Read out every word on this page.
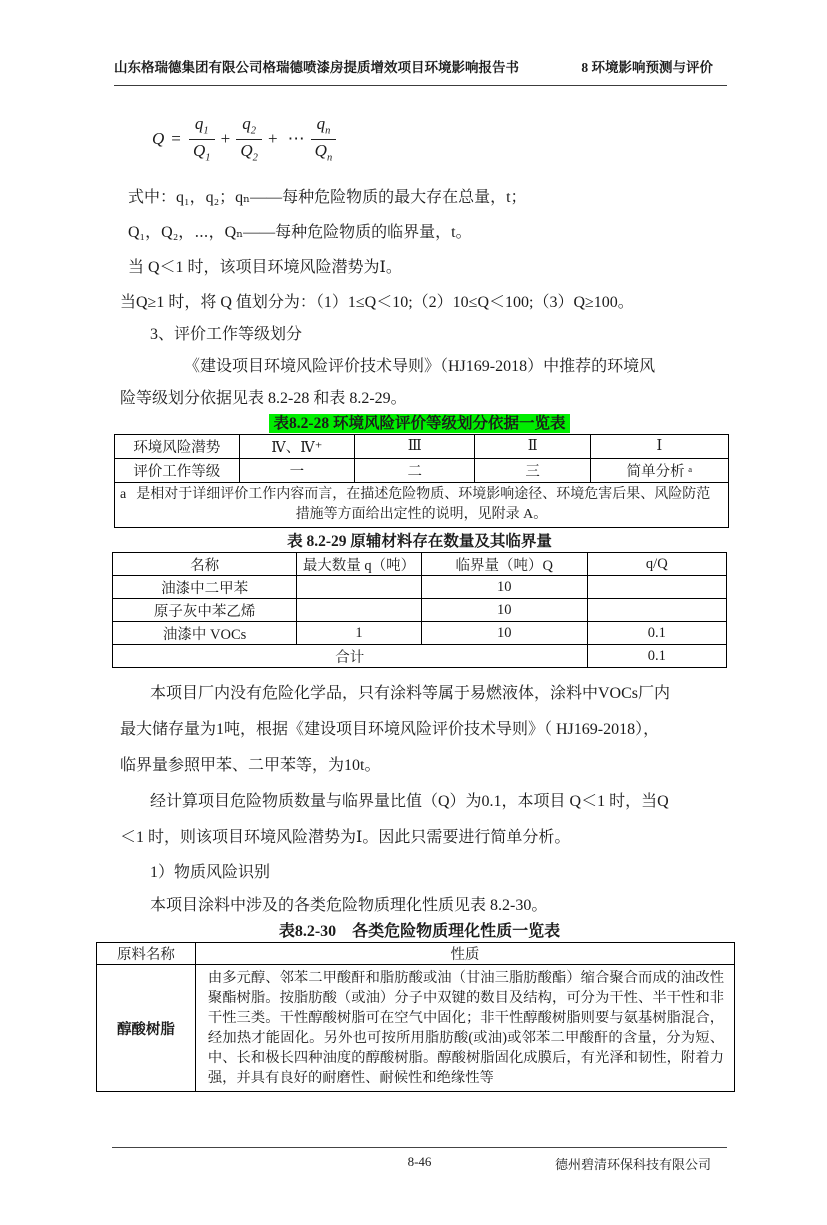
山东格瑞德集团有限公司格瑞德喷漆房提质增效项目环境影响报告书	8 环境影响预测与评价
$Q = \frac{q_1}{Q_1} + \frac{q_2}{Q_2}$ + ⋯ $\frac{q_n}{Q_n}$
式中：q₁，q₂；qₙ——每种危险物质的最大存在总量，t；
Q₁，Q₂，⋯，Qₙ——每种危险物质的临界量，t。
当 Q＜1 时，该项目环境风险潜势为Ⅰ。
当Q≥1 时，将 Q 值划分为：（1）1≤Q＜10;（2）10≤Q＜100;（3）Q≥100。
3、评价工作等级划分
《建设项目环境风险评价技术导则》（HJ169-2018）中推荐的环境风
险等级划分依据见表 8.2-28 和表 8.2-29。
表8.2-28 环境风险评价等级划分依据一览表
环境风险潜势	Ⅳ、Ⅳ⁺	Ⅲ	Ⅱ	Ⅰ
评价工作等级	一	二	三	简单分析 ᵃ

a 是相对于详细评价工作内容而言，在描述危险物质、环境影响途径、环境危害后果、风险防范
措施等方面给出定性的说明，见附录 A。				
表 8.2-29 原辅材料存在数量及其临界量
名称	最大数量 q（吨）	临界量（吨）Q	q/Q
油漆中二甲苯		10	
原子灰中苯乙烯		10	
油漆中 VOCs	1	10	0.1
合计			0.1
本项目厂内没有危险化学品，只有涂料等属于易燃液体，涂料中VOCs厂内
最大储存量为1吨，根据《建设项目环境风险评价技术导则》（ HJ169-2018），
临界量参照甲苯、二甲苯等，为10t。
经计算项目危险物质数量与临界量比值（Q）为0.1，本项目 Q＜1 时，当Q
＜1 时，则该项目环境风险潜势为Ⅰ。因此只需要进行简单分析。
1）物质风险识别
本项目涂料中涉及的各类危险物质理化性质见表 8.2-30。
表8.2-30　各类危险物质理化性质一览表
原料名称	性质
醇酸树脂	由多元醇、邻苯二甲酸酐和脂肪酸或油（甘油三脂肪酸酯）缩合聚合而成的油改性聚酯树脂。按脂肪酸（或油）分子中双键的数目及结构，可分为干性、半干性和非干性三类。干性醇酸树脂可在空气中固化；非干性醇酸树脂则要与氨基树脂混合，经加热才能固化。另外也可按所用脂肪酸(或油)或邻苯二甲酸酐的含量，分为短、中、长和极长四种油度的醇酸树脂。醇酸树脂固化成膜后，有光泽和韧性，附着力强，并具有良好的耐磨性、耐候性和绝缘性等
8-46	德州碧清环保科技有限公司
